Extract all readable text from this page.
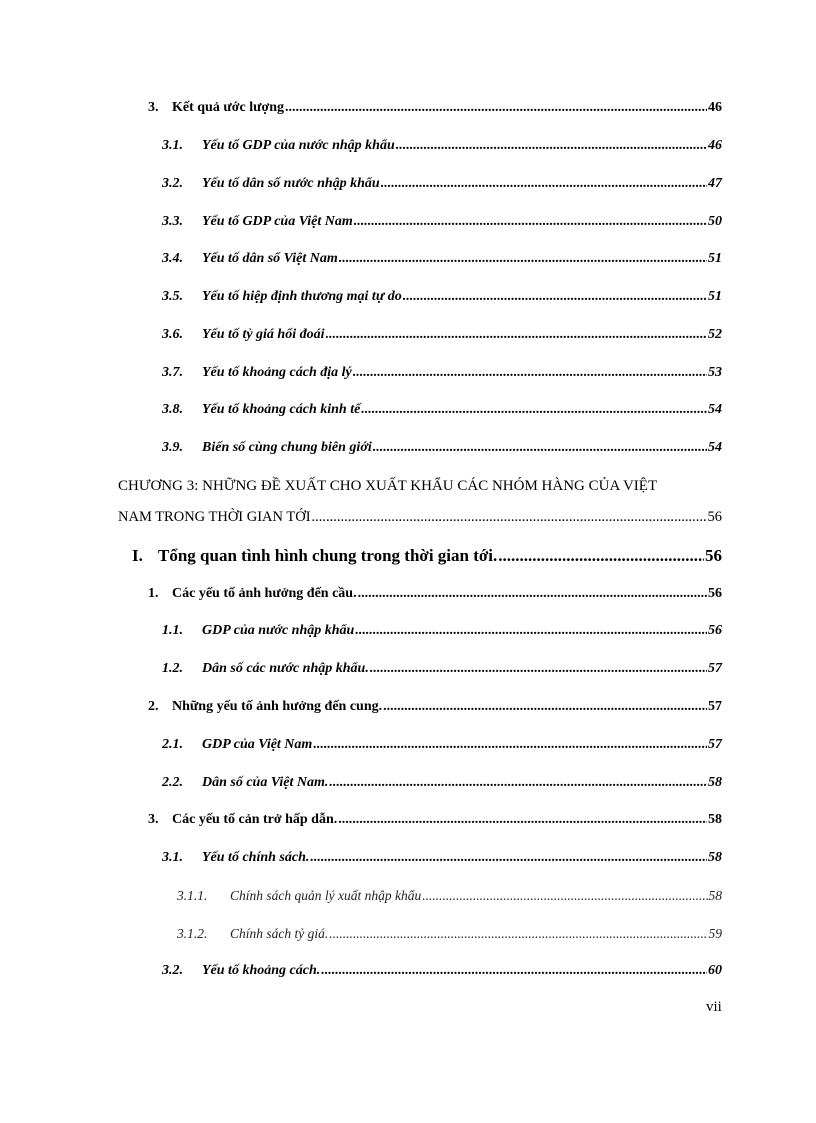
3. Kết quả ước lượng .....	46
3.1.	Yếu tố GDP của nước nhập khẩu .....	46
3.2.	Yếu tố dân số nước nhập khẩu .....	47
3.3.	Yếu tố GDP của Việt Nam .....	50
3.4.	Yếu tố dân số Việt Nam .....	51
3.5.	Yếu tố hiệp định thương mại tự do .....	51
3.6.	Yếu tố tỷ giá hối đoái .....	52
3.7.	Yếu tố khoảng cách địa lý .....	53
3.8.	Yếu tố khoảng cách kinh tế .....	54
3.9.	Biến số cùng chung biên giới .....	54
CHƯƠNG 3: NHỮNG ĐỀ XUẤT CHO XUẤT KHẨU CÁC NHÓM HÀNG CỦA VIỆT
NAM TRONG THỜI GIAN TỚI .....	56
I. Tổng quan tình hình chung trong thời gian tới. .....	56
1. Các yếu tố ảnh hưởng đến cầu. .....	56
1.1.	GDP của nước nhập khẩu .....	56
1.2.	Dân số các nước nhập khẩu. .....	57
2. Những yếu tố ảnh hưởng đến cung. .....	57
2.1.	GDP của Việt Nam .....	57
2.2.	Dân số của Việt Nam. .....	58
3. Các yếu tố cản trở hấp dẫn. .....	58
3.1.	Yếu tố chính sách. .....	58
3.1.1.	Chính sách quản lý xuất nhập khẩu .....	58
3.1.2.	Chính sách tỷ giá. .....	59
3.2.	Yếu tố khoảng cách. .....	60
vii
